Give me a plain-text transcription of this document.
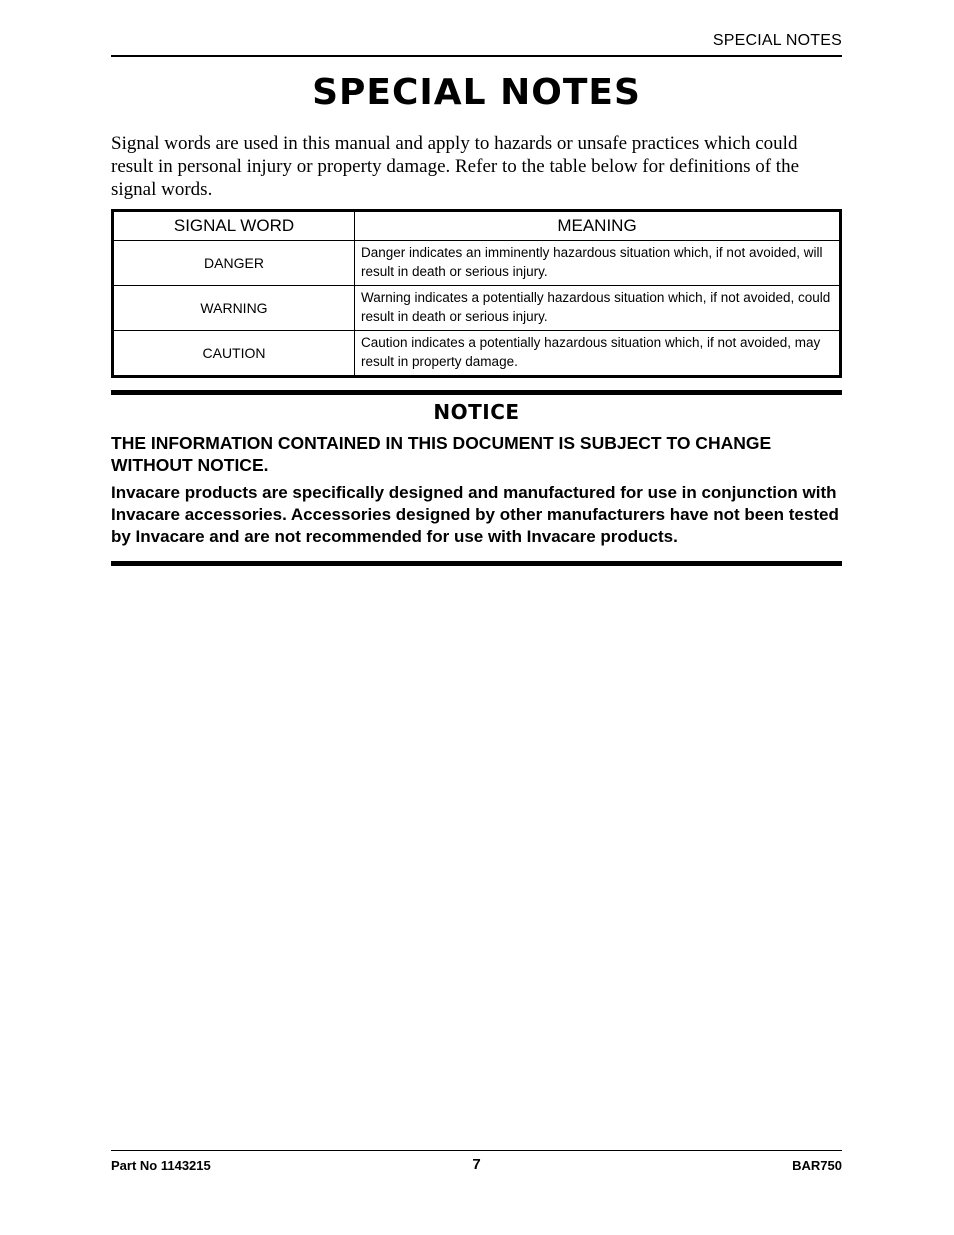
SPECIAL NOTES
SPECIAL NOTES

Signal words are used in this manual and apply to hazards or unsafe practices which could result in personal injury or property damage. Refer to the table below for definitions of the signal words.

SIGNAL WORD	MEANING
DANGER	Danger indicates an imminently hazardous situation which, if not avoided, will result in death or serious injury.
WARNING	Warning indicates a potentially hazardous situation which, if not avoided, could result in death or serious injury.
CAUTION	Caution indicates a potentially hazardous situation which, if not avoided, may result in property damage.
NOTICE

THE INFORMATION CONTAINED IN THIS DOCUMENT IS SUBJECT TO CHANGE WITHOUT NOTICE.

Invacare products are specifically designed and manufactured for use in conjunction with Invacare accessories. Accessories designed by other manufacturers have not been tested by Invacare and are not recommended for use with Invacare products.

Part No 1143215	7	BAR750
